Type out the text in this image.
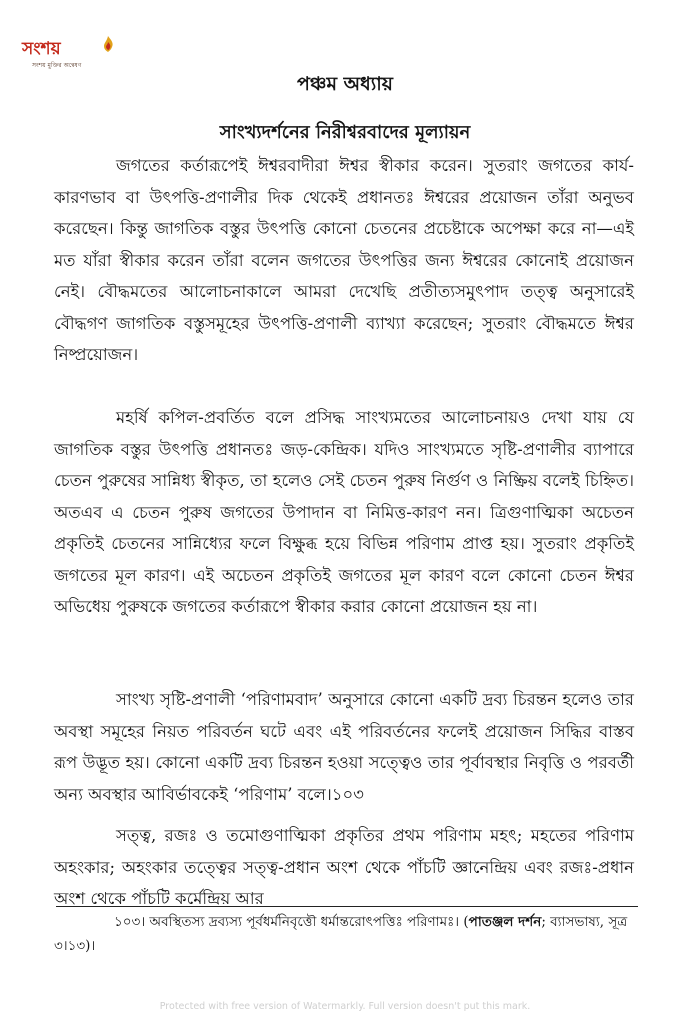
সংশয়
সংশয় মুক্তির অন্বেষণ
পঞ্চম অধ্যায়
সাংখ্যদর্শনের নিরীশ্বরবাদের মূল্যায়ন

জগতের কর্তারূপেই ঈশ্বরবাদীরা ঈশ্বর স্বীকার করেন। সুতরাং জগতের কার্য-কারণভাব বা উৎপত্তি-প্রণালীর দিক থেকেই প্রধানতঃ ঈশ্বরের প্রয়োজন তাঁরা অনুভব করেছেন। কিন্তু জাগতিক বস্তুর উৎপত্তি কোনো চেতনের প্রচেষ্টাকে অপেক্ষা করে না—এই মত যাঁরা স্বীকার করেন তাঁরা বলেন জগতের উৎপত্তির জন্য ঈশ্বরের কোনোই প্রয়োজন নেই। বৌদ্ধমতের আলোচনাকালে আমরা দেখেছি প্রতীত্যসমুৎপাদ তত্ত্ব অনুসারেই বৌদ্ধগণ জাগতিক বস্তুসমূহের উৎপত্তি-প্রণালী ব্যাখ্যা করেছেন; সুতরাং বৌদ্ধমতে ঈশ্বর নিষ্প্রয়োজন।

মহর্ষি কপিল-প্রবর্তিত বলে প্রসিদ্ধ সাংখ্যমতের আলোচনায়ও দেখা যায় যে জাগতিক বস্তুর উৎপত্তি প্রধানতঃ জড়-কেন্দ্রিক। যদিও সাংখ্যমতে সৃষ্টি-প্রণালীর ব্যাপারে চেতন পুরুষের সান্নিধ্য স্বীকৃত, তা হলেও সেই চেতন পুরুষ নির্গুণ ও নিষ্ক্রিয় বলেই চিহ্নিত। অতএব এ চেতন পুরুষ জগতের উপাদান বা নিমিত্ত-কারণ নন। ত্রিগুণাত্মিকা অচেতন প্রকৃতিই চেতনের সান্নিধ্যের ফলে বিক্ষুব্ধ হয়ে বিভিন্ন পরিণাম প্রাপ্ত হয়। সুতরাং প্রকৃতিই জগতের মূল কারণ। এই অচেতন প্রকৃতিই জগতের মূল কারণ বলে কোনো চেতন ঈশ্বর অভিধেয় পুরুষকে জগতের কর্তারূপে স্বীকার করার কোনো প্রয়োজন হয় না।

সাংখ্য সৃষ্টি-প্রণালী ‘পরিণামবাদ’ অনুসারে কোনো একটি দ্রব্য চিরন্তন হলেও তার অবস্থা সমূহের নিয়ত পরিবর্তন ঘটে এবং এই পরিবর্তনের ফলেই প্রয়োজন সিদ্ধির বাস্তব রূপ উদ্ভূত হয়। কোনো একটি দ্রব্য চিরন্তন হওয়া সত্ত্বেও তার পূর্বাবস্থার নিবৃত্তি ও পরবর্তী অন্য অবস্থার আবির্ভাবকেই ‘পরিণাম’ বলে।১০৩

সত্ত্ব, রজঃ ও তমোগুণাত্মিকা প্রকৃতির প্রথম পরিণাম মহৎ; মহতের পরিণাম অহংকার; অহংকার তত্ত্বের সত্ত্ব-প্রধান অংশ থেকে পাঁচটি জ্ঞানেন্দ্রিয় এবং রজঃ-প্রধান অংশ থেকে পাঁচটি কর্মেন্দ্রিয় আর

১০৩। অবস্থিতস্য দ্রব্যস্য পূর্বধর্মনিবৃত্তৌ ধর্মান্তরোৎপত্তিঃ পরিণামঃ। (পাতঞ্জল দর্শন; ব্যাসভাষ্য, সূত্র ৩।১৩)।

Protected with free version of Watermarkly. Full version doesn't put this mark.
